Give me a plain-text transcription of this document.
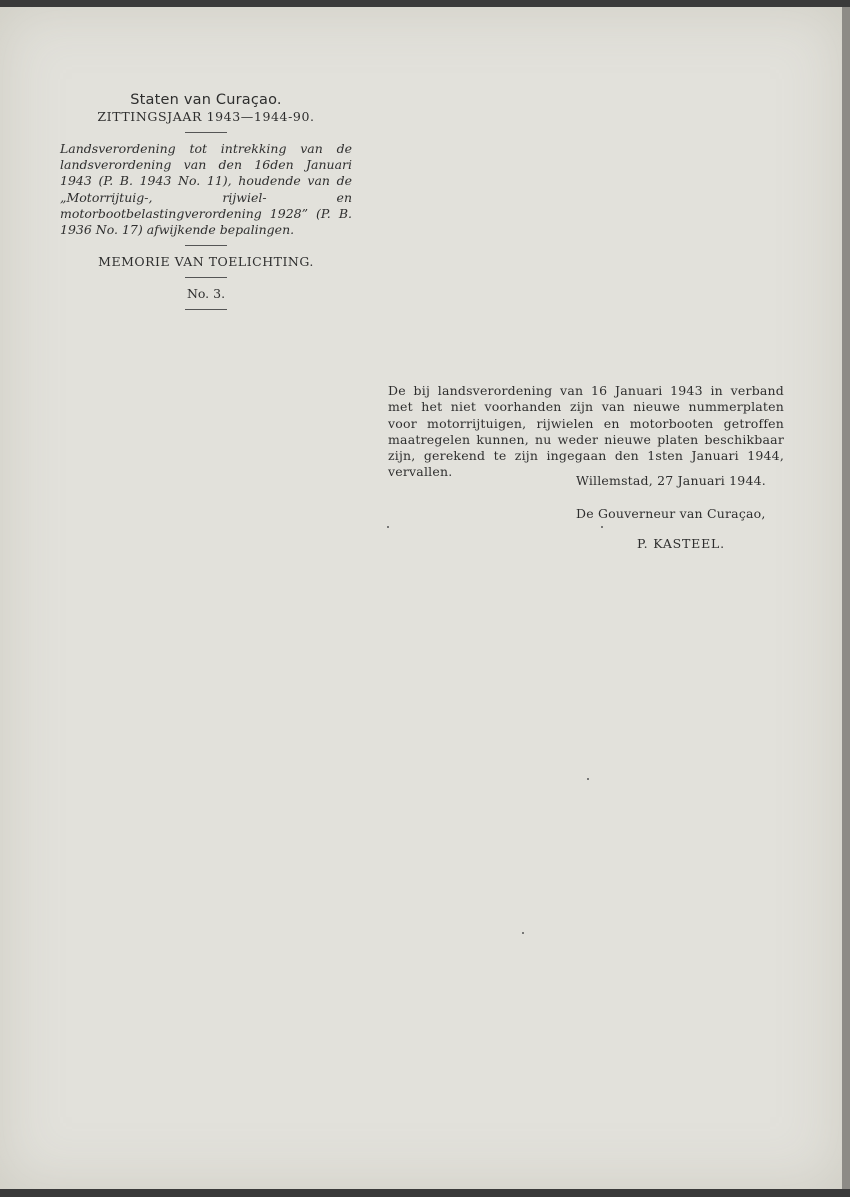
Staten van Curaçao.
ZITTINGSJAAR 1943—1944-90.
Landsverordening tot intrekking van de landsverordening van den 16den Januari 1943 (P. B. 1943 No. 11), houdende van de „Motorrijtuig-, rijwiel- en motorbootbelastingverordening 1928” (P. B. 1936 No. 17) afwijkende bepalingen.
MEMORIE VAN TOELICHTING.
No. 3.
De bij landsverordening van 16 Januari 1943 in verband met het niet voorhanden zijn van nieuwe nummerplaten voor motorrijtuigen, rijwielen en motorbooten getroffen maatregelen kunnen, nu weder nieuwe platen beschikbaar zijn, gerekend te zijn ingegaan den 1sten Januari 1944, vervallen.
Willemstad, 27 Januari 1944.
De Gouverneur van Curaçao,
P. KASTEEL.
